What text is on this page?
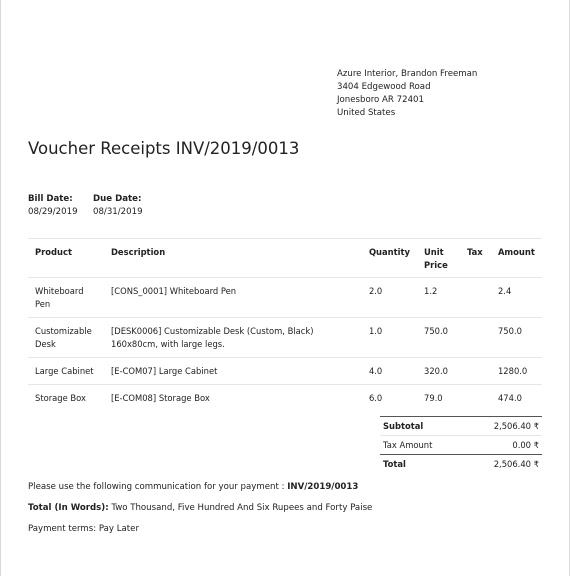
Azure Interior, Brandon Freeman
3404 Edgewood Road
Jonesboro AR 72401
United States
Voucher Receipts INV/2019/0013
Bill Date:
08/29/2019
Due Date:
08/31/2019
Product	Description	Quantity	Unit Price	Tax	Amount
Whiteboard Pen	[CONS_0001] Whiteboard Pen	2.0	1.2		2.4
Customizable Desk	[DESK0006] Customizable Desk (Custom, Black) 160x80cm, with large legs.	1.0	750.0		750.0
Large Cabinet	[E-COM07] Large Cabinet	4.0	320.0		1280.0
Storage Box	[E-COM08] Storage Box	6.0	79.0		474.0
Subtotal	2,506.40 ₹
Tax Amount	0.00 ₹
Total	2,506.40 ₹
Please use the following communication for your payment : INV/2019/0013
Total (In Words): Two Thousand, Five Hundred And Six Rupees and Forty Paise
Payment terms: Pay Later
